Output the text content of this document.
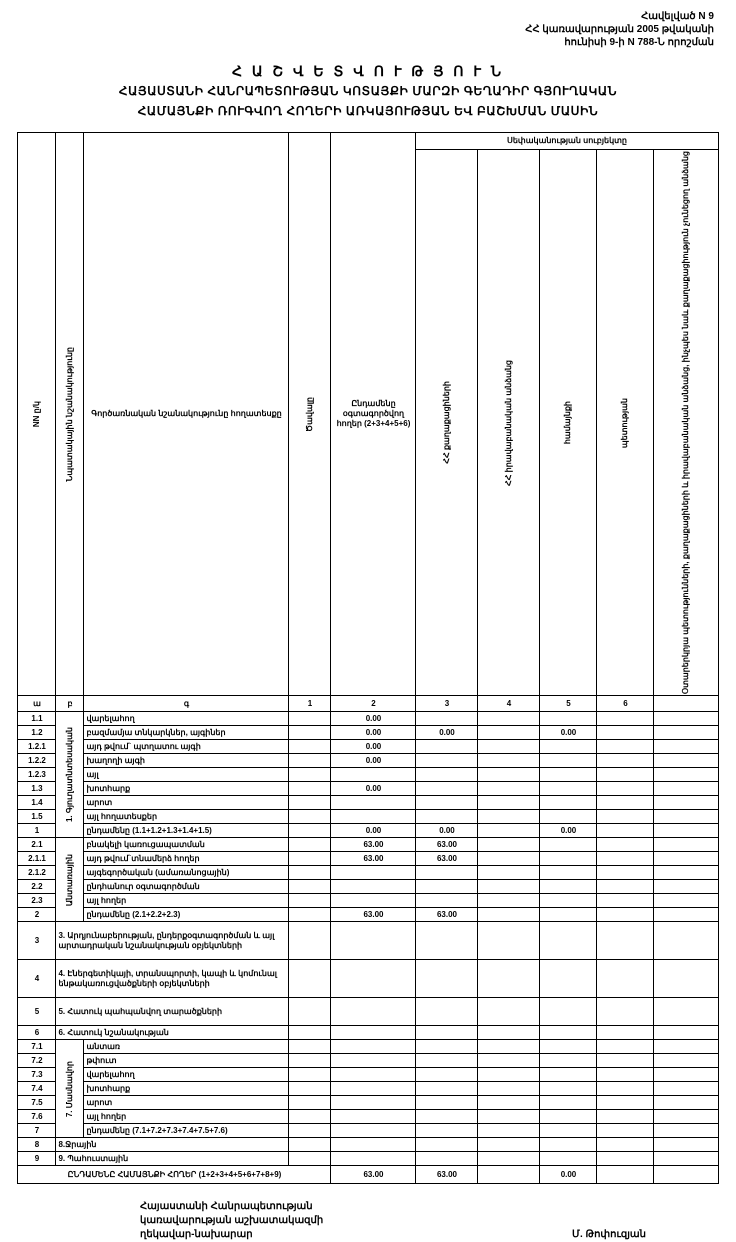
Հավելված N 9
ՀՀ կառավարության 2005 թվականի
հունիսի 9-ի N 788-Ն որոշման
Հ Ա Շ Վ Ե Տ Վ Ո Ւ Թ Յ Ո Ւ Ն
ՀԱՅԱՍՏԱՆԻ ՀԱՆՐԱՊԵՏՈՒԹՅԱՆ ԿՈՏԱՅՔԻ ՄԱՐԶԻ ԳԵՂԱԴԻՐ ԳՅՈՒՂԱԿԱՆ
ՀԱՄԱՅՆՔԻ ՌՈՒԳՎՈՂ ՀՈՂԵՐԻ ԱՌԿԱՅՈՒԹՅԱՆ ԵՎ ԲԱՇԽՄԱՆ ՄԱՍԻՆ
NN ը/կ	Նպատակային նշանակությունը	Գործառնական նշանակությունը հողատեսքը	Ծավալը	Ընդամենը օգտագործվող հողեր (2+3+4+5+6)	Սեփականության սուբյեկտը				

					ՀՀ քաղաքացիների	ՀՀ իրավաբանական անձանց	համայնքի	պետության	Օտարերկրյա պետությունների, քաղաքացիների և իրավաբանական անձանց, ինչպես նաև քաղաքացիություն չունեցող անձանց

ա	բ	գ	1	2	3	4	5	6	
1.1	1. Գյուղատնտեսական	վարելահող		0.00					
1.2		բազմամյա տնկարկներ, այգիներ		0.00	0.00		0.00		
1.2.1		այդ թվում` պտղատու այգի		0.00					
1.2.2		խաղողի այգի		0.00					
1.2.3		այլ							
1.3		խոտհարք		0.00					
1.4		արոտ							
1.5		այլ հողատեսքեր							
1		ընդամենը (1.1+1.2+1.3+1.4+1.5)		0.00	0.00		0.00		
2.1	Անտառային	բնակելի կառուցապատման		63.00	63.00				
2.1.1		այդ թվում`տնամերձ հողեր		63.00	63.00				
2.1.2		այգեգործական (ամառանոցային)							
2.2		ընդհանուր օգտագործման							
2.3		այլ հողեր							
2		ընդամենը (2.1+2.2+2.3)		63.00	63.00				
3	3. Արդյունաբերության, ընդերքօգտագործման և այլ արտադրական նշանակության օբյեկտների								
4	4. Էներգետիկայի, տրանսպորտի, կապի և կոմունալ ենթակառուցվածքների օբյեկտների								
5	5. Հատուկ պահպանվող տարածքների								
6	6. Հատուկ նշանակության								
7.1	7. Մասնավոր	անտառ							
7.2		թփուտ							
7.3		վարելահող							
7.4		խոտհարք							
7.5		արոտ							
7.6		այլ հողեր							
7		ընդամենը (7.1+7.2+7.3+7.4+7.5+7.6)							
8	8.Ջրային								
9	9. Պահուստային								
ԸՆԴԱՄԵՆԸ ՀԱՄԱՅՆՔԻ ՀՈՂԵՐ (1+2+3+4+5+6+7+8+9)				63.00	63.00		0.00		
Հայաստանի Հանրապետության
կառավարության աշխատակազմի
ղեկավար-նախարար	Մ. Թոփուզյան
